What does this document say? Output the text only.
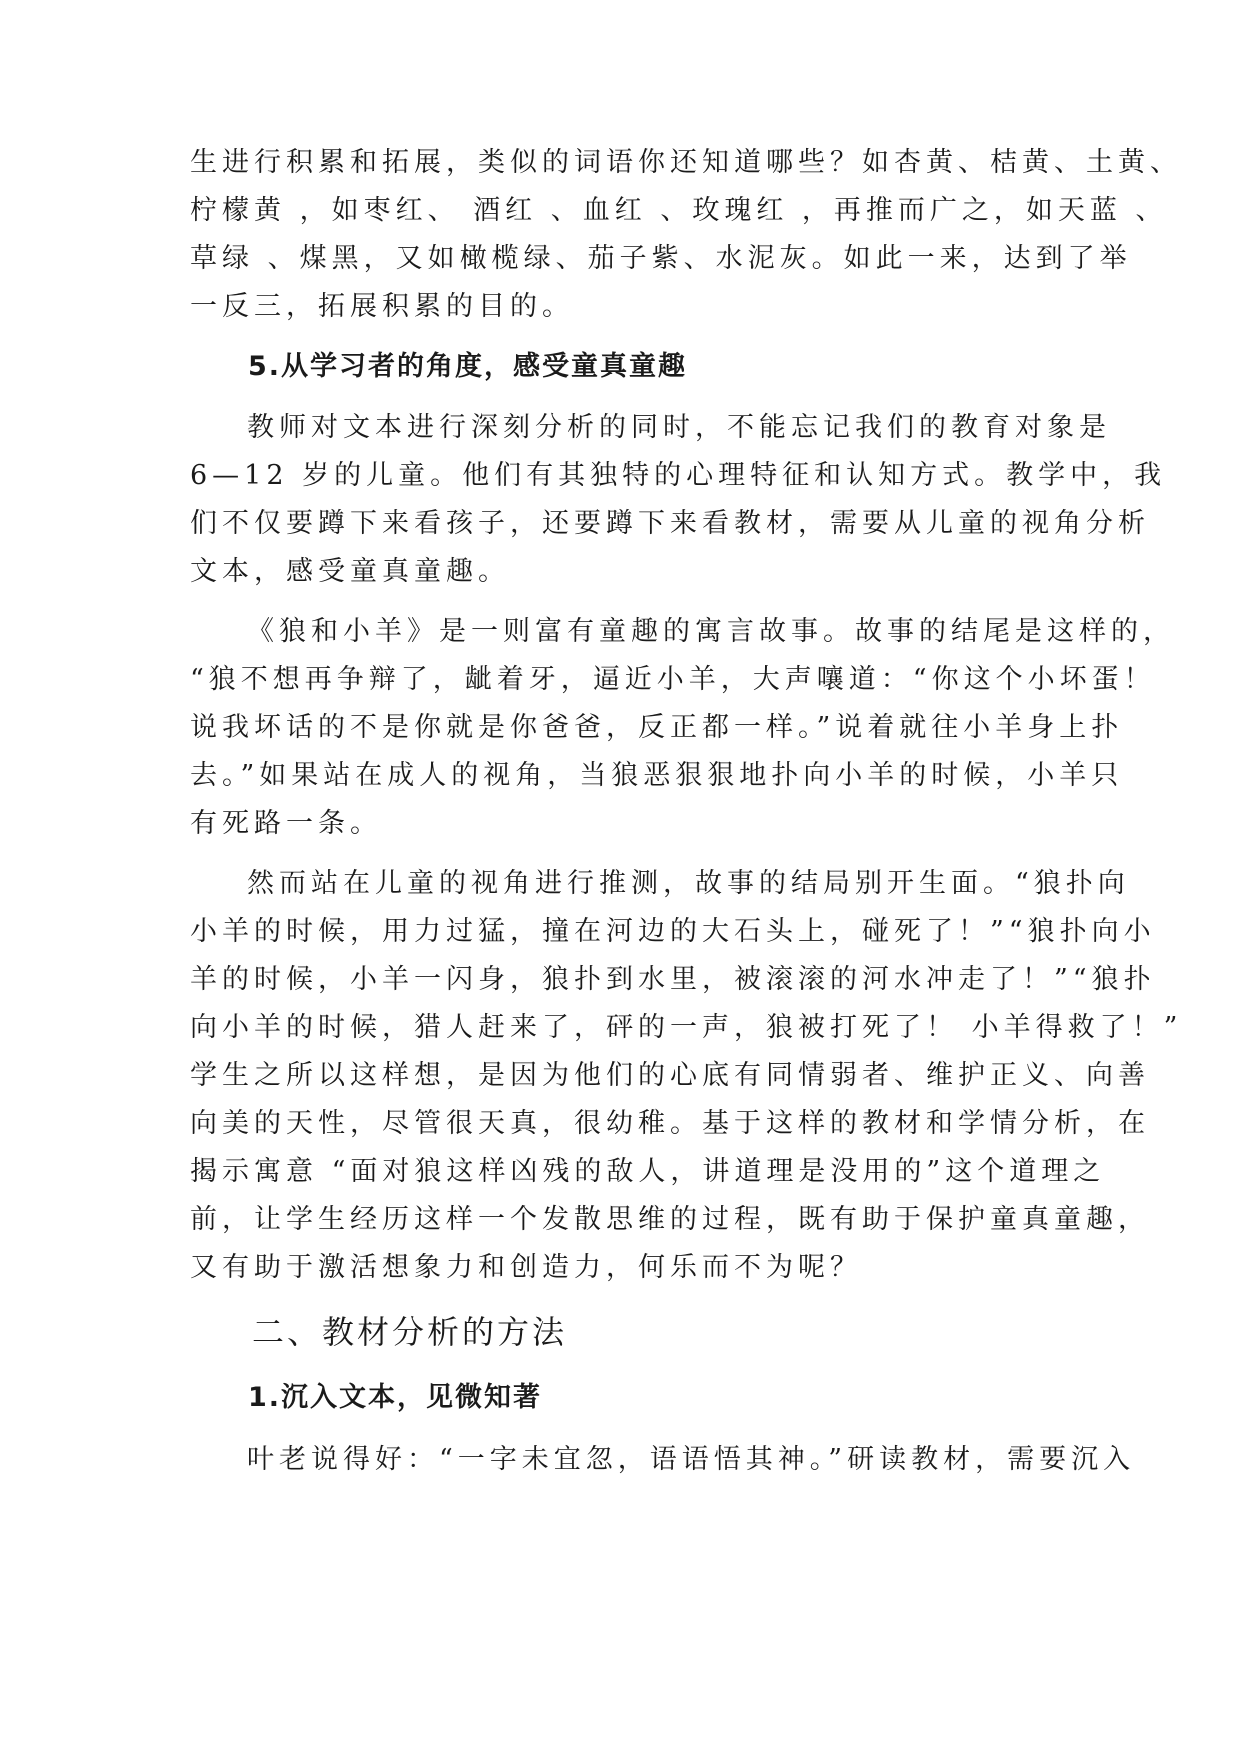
生进行积累和拓展，类似的词语你还知道哪些？如杏黄、桔黄、土黄、
柠檬黄 ，如枣红、 酒红 、血红 、玫瑰红 ，再推而广之，如天蓝 、
草绿 、煤黑，又如橄榄绿、茄子紫、水泥灰。如此一来，达到了举
一反三，拓展积累的目的。
5.从学习者的角度，感受童真童趣
教师对文本进行深刻分析的同时，不能忘记我们的教育对象是
6—12 岁的儿童。他们有其独特的心理特征和认知方式。教学中，我
们不仅要蹲下来看孩子，还要蹲下来看教材，需要从儿童的视角分析
文本，感受童真童趣。
《狼和小羊》是一则富有童趣的寓言故事。故事的结尾是这样的，
“狼不想再争辩了，龇着牙，逼近小羊，大声嚷道：“你这个小坏蛋！
说我坏话的不是你就是你爸爸，反正都一样。”说着就往小羊身上扑
去。”如果站在成人的视角，当狼恶狠狠地扑向小羊的时候，小羊只
有死路一条。
然而站在儿童的视角进行推测，故事的结局别开生面。“狼扑向
小羊的时候，用力过猛，撞在河边的大石头上，碰死了！”“狼扑向小
羊的时候，小羊一闪身，狼扑到水里，被滚滚的河水冲走了！”“狼扑
向小羊的时候，猎人赶来了，砰的一声，狼被打死了！ 小羊得救了！”
学生之所以这样想，是因为他们的心底有同情弱者、维护正义、向善
向美的天性，尽管很天真，很幼稚。基于这样的教材和学情分析，在
揭示寓意 “面对狼这样凶残的敌人，讲道理是没用的”这个道理之
前，让学生经历这样一个发散思维的过程，既有助于保护童真童趣，
又有助于激活想象力和创造力，何乐而不为呢？
二、教材分析的方法
1.沉入文本，见微知著
叶老说得好：“一字未宜忽，语语悟其神。”研读教材，需要沉入
